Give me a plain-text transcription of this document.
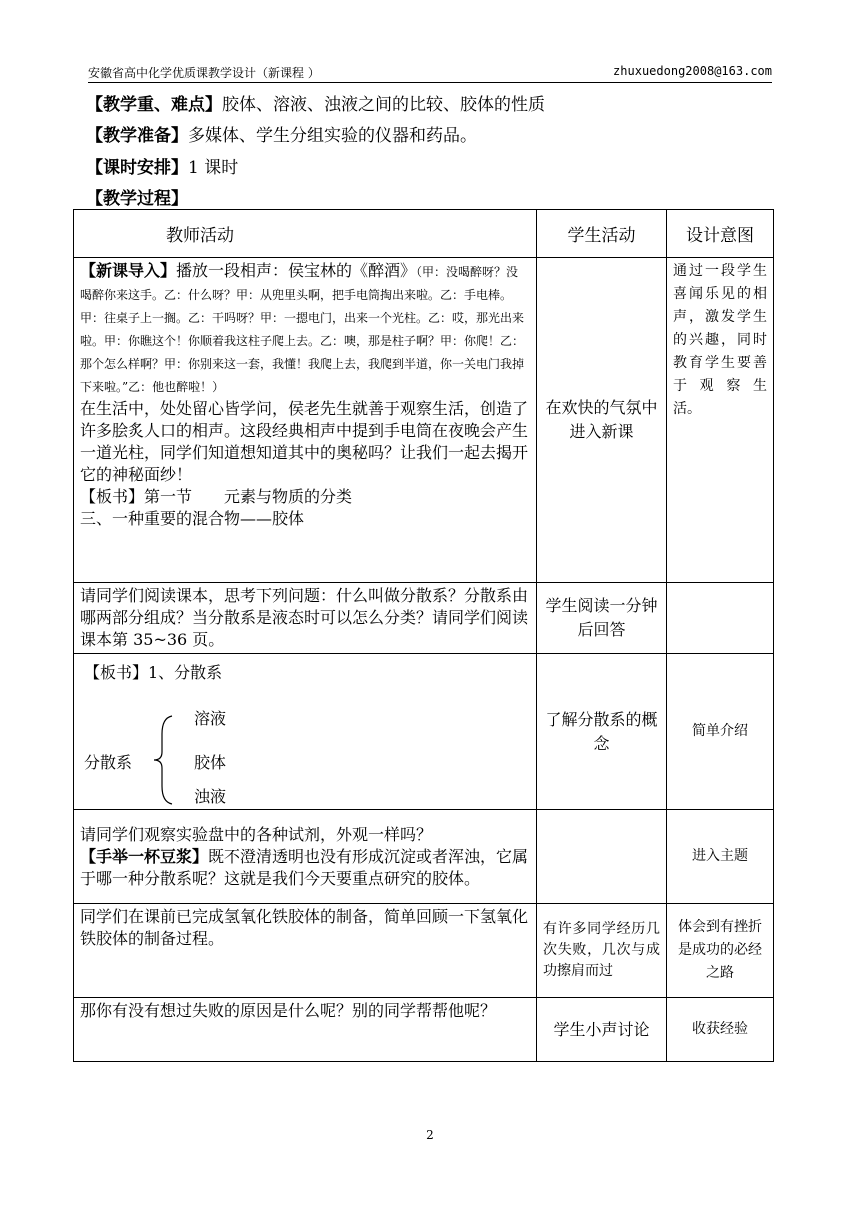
安徽省高中化学优质课教学设计（新课程 ）	zhuxuedong2008@163.com
【教学重、难点】胶体、溶液、浊液之间的比较、胶体的性质
【教学准备】多媒体、学生分组实验的仪器和药品。
【课时安排】1 课时
【教学过程】
教师活动	学生活动	设计意图

【新课导入】播放一段相声：侯宝林的《醉酒》（甲：没喝醉呀？没喝醉你来这手。乙：什么呀？甲：从兜里头啊，把手电筒掏出来啦。乙：手电棒。甲：往桌子上一搁。乙：干吗呀？甲：一摁电门，出来一个光柱。乙：哎，那光出来啦。甲：你瞧这个！你顺着我这柱子爬上去。乙：噢，那是柱子啊？甲：你爬！乙：那个怎么样啊？甲：你别来这一套，我懂！我爬上去，我爬到半道，你一关电门我掉下来啦。”乙：他也醉啦！）
在生活中，处处留心皆学问，侯老先生就善于观察生活，创造了许多脍炙人口的相声。这段经典相声中提到手电筒在夜晚会产生一道光柱，同学们知道想知道其中的奥秘吗？让我们一起去揭开它的神秘面纱！
【板书】第一节　　元素与物质的分类
三、一种重要的混合物——胶体	在欢快的气氛中进入新课	通过一段学生喜闻乐见的相声，激发学生的兴趣，同时教育学生要善于 观 察 生活。
请同学们阅读课本，思考下列问题：什么叫做分散系？分散系由哪两部分组成？当分散系是液态时可以怎么分类？请同学们阅读课本第 35~36 页。	学生阅读一分钟后回答	

【板书】1、分散系
溶液
分散系 胶体
浊液	了解分散系的概念	简单介绍

请同学们观察实验盘中的各种试剂，外观一样吗？
【手举一杯豆浆】既不澄清透明也没有形成沉淀或者浑浊，它属于哪一种分散系呢？这就是我们今天要重点研究的胶体。		进入主题
同学们在课前已完成氢氧化铁胶体的制备，简单回顾一下氢氧化铁胶体的制备过程。	有许多同学经历几次失败，几次与成功擦肩而过	体会到有挫折是成功的必经之路
那你有没有想过失败的原因是什么呢？别的同学帮帮他呢？	学生小声讨论	收获经验
2
